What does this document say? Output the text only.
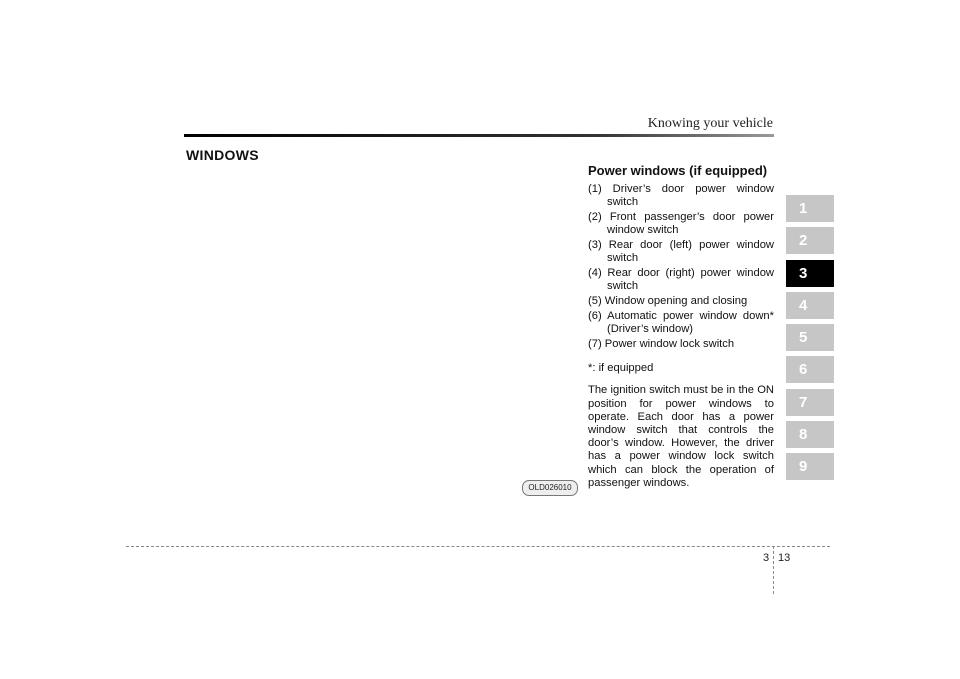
Knowing your vehicle
WINDOWS
OLD026010
Power windows (if equipped)
(1) Driver’s door power window switch
(2) Front passenger’s door power window switch
(3) Rear door (left) power window switch
(4) Rear door (right) power window switch
(5) Window opening and closing
(6) Automatic power window down* (Driver’s window)
(7) Power window lock switch
*: if equipped
The ignition switch must be in the ON position for power windows to operate. Each door has a power window switch that controls the door’s window. However, the driver has a power window lock switch which can block the operation of passenger windows.
1
2
3
4
5
6
7
8
9
3 13
